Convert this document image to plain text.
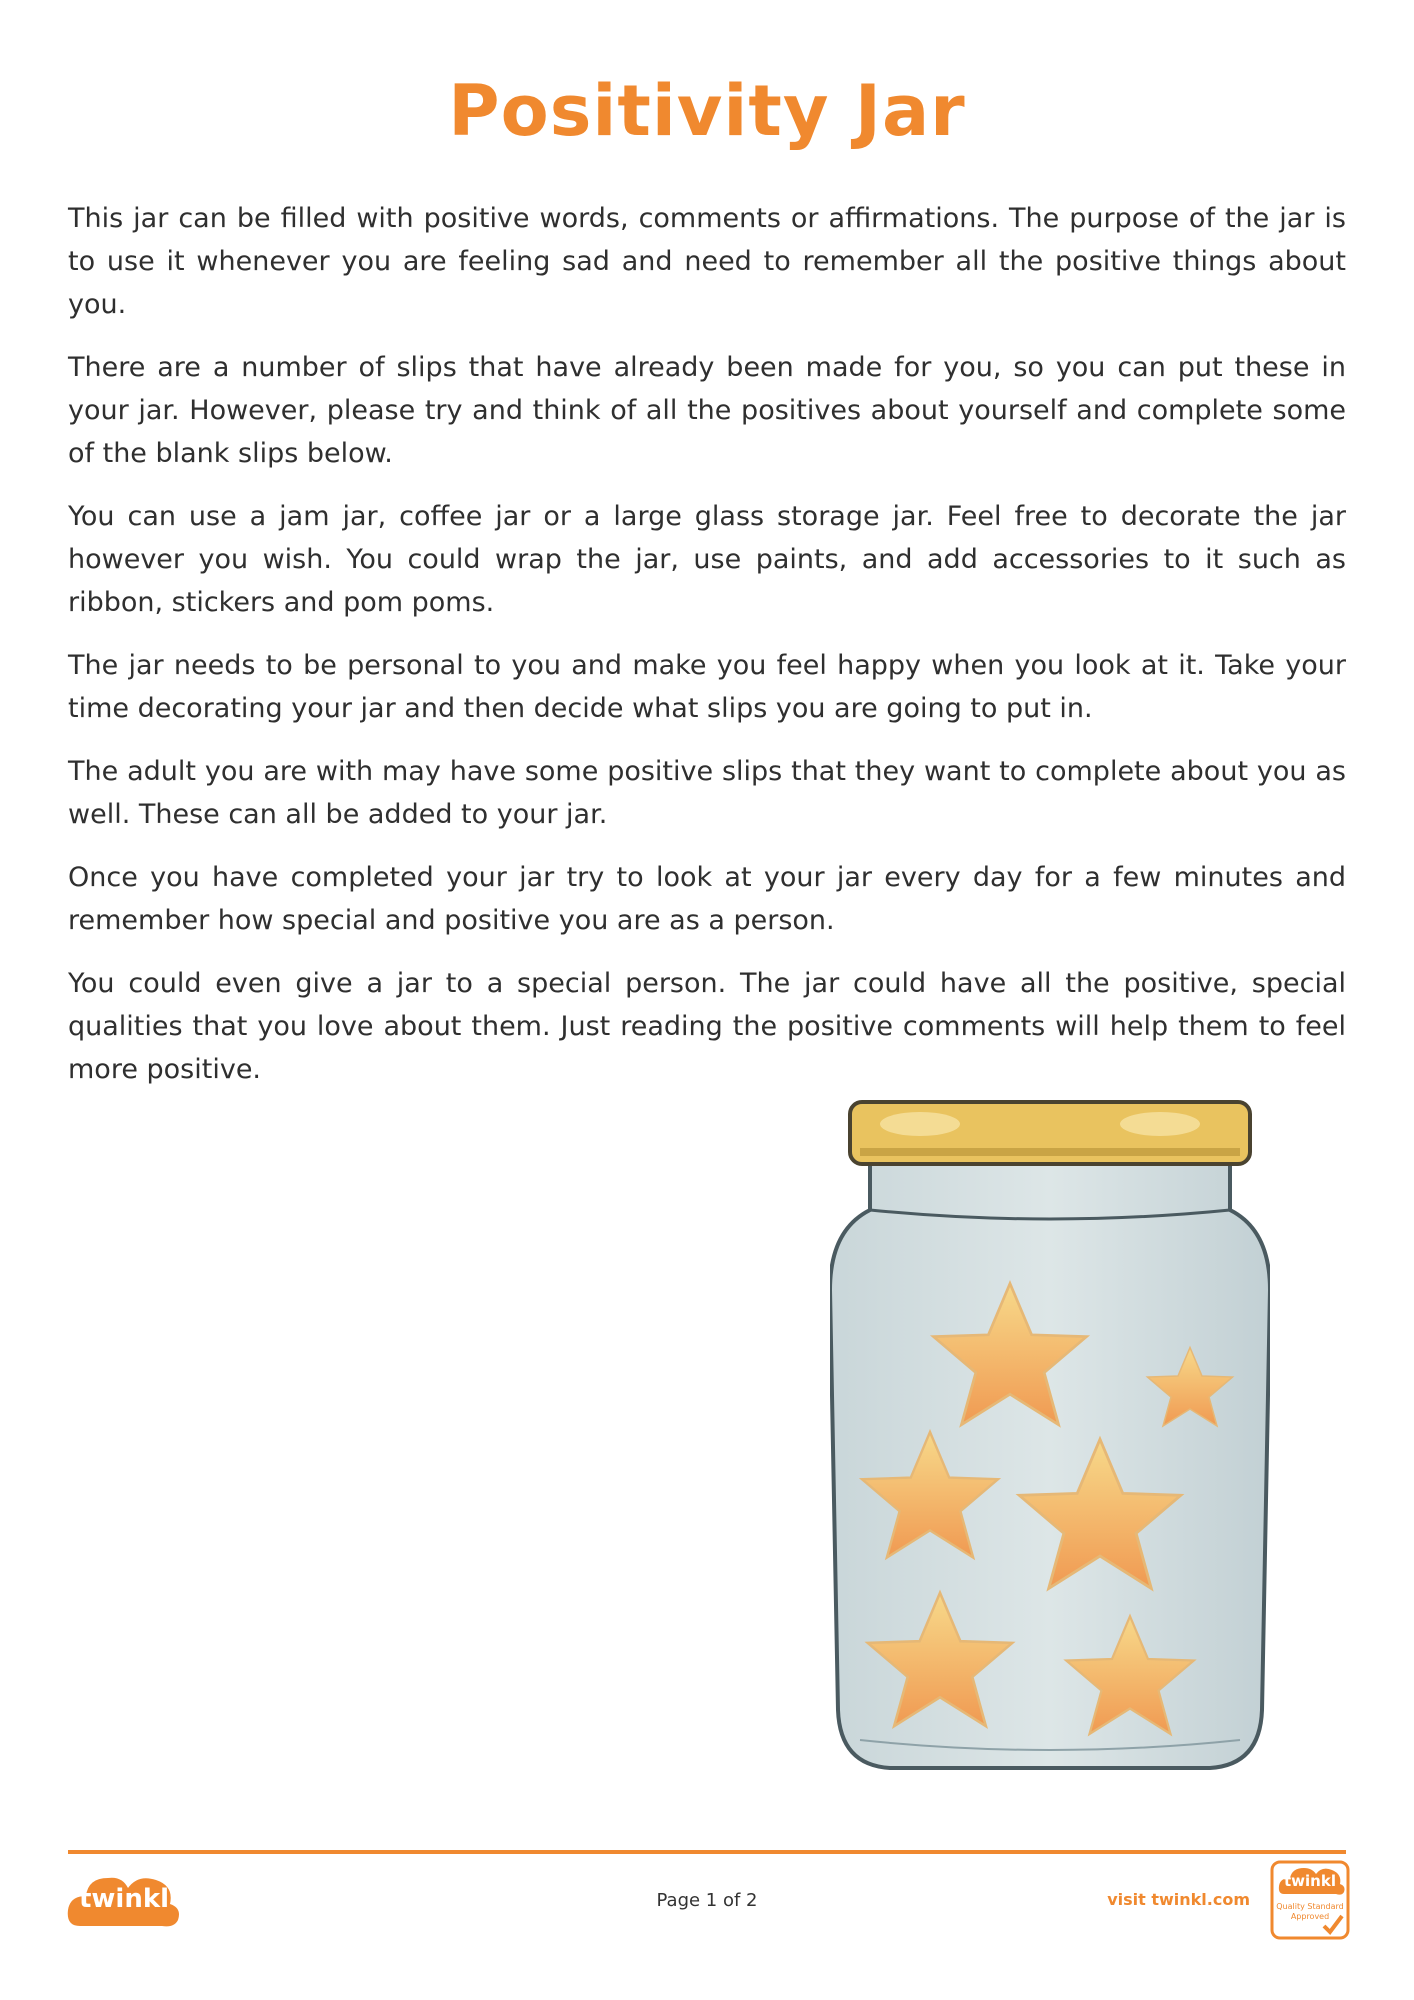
Positivity Jar

This jar can be filled with positive words, comments or affirmations. The purpose of the jar is to use it whenever you are feeling sad and need to remember all the positive things about you.

There are a number of slips that have already been made for you, so you can put these in your jar. However, please try and think of all the positives about yourself and complete some of the blank slips below.

You can use a jam jar, coffee jar or a large glass storage jar. Feel free to decorate the jar however you wish. You could wrap the jar, use paints, and add accessories to it such as ribbon, stickers and pom poms.

The jar needs to be personal to you and make you feel happy when you look at it. Take your time decorating your jar and then decide what slips you are going to put in.

The adult you are with may have some positive slips that they want to complete about you as well. These can all be added to your jar.

Once you have completed your jar try to look at your jar every day for a few minutes and remember how special and positive you are as a person.

You could even give a jar to a special person. The jar could have all the positive, special qualities that you love about them. Just reading the positive comments will help them to feel more positive.

twinkl	Page 1 of 2	visit twinkl.com
twinkl
Quality Standard
Approved
